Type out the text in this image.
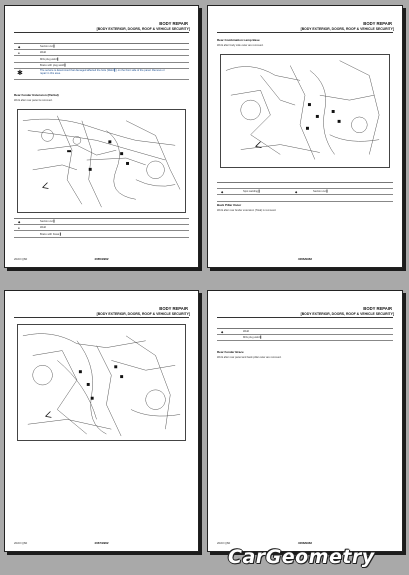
BODY REPAIR
[BODY EXTERIOR, DOORS, ROOF & VEHICLE SECURITY]
◆	Section cut ▌
●	Weld
MIG plug weld ▌
Braze with plug weld ▌
✱	The service is determined that damaged affected the hole (Weld ▌) on the front side of the panel. Remove or repair in this area.
Rear Fender Extension (Partial)
Work after rear panel is removed.
◆	Section cut ▌
●	Weld
Braze with brass ▌
2023 Q60	4065/9962
BODY REPAIR
[BODY EXTERIOR, DOORS, ROOF & VEHICLE SECURITY]
Rear Combination Lamp Base
Work after body side outer are removed.
◆	Spot welding ▌	◆	Section cut ▌
Back Pillar Outer
Work after rear fender extension (Total) is removed.
4066/9962
BODY REPAIR
[BODY EXTERIOR, DOORS, ROOF & VEHICLE SECURITY]
2023 Q60	4067/9962
BODY REPAIR
[BODY EXTERIOR, DOORS, ROOF & VEHICLE SECURITY]
◆	Weld
MIG plug weld ▌
Rear Fender Brace
Work after rear panel and back pillar outer are removed.
2023 Q60	4068/9962
CarGeometry
